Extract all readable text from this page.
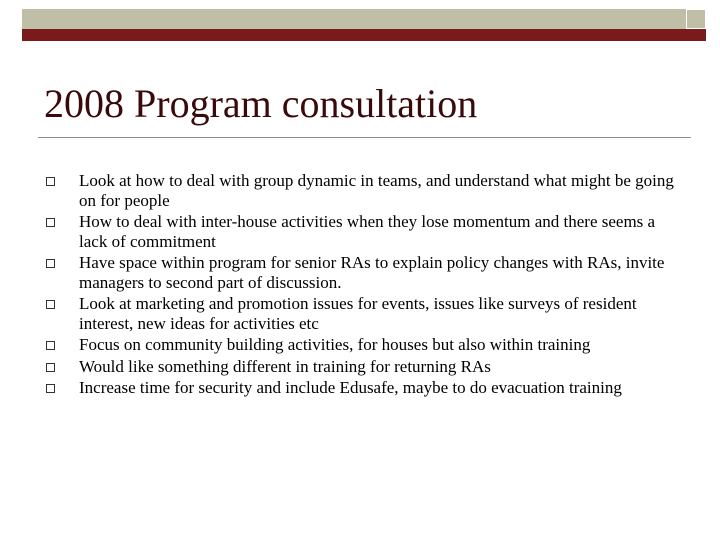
2008 Program consultation
Look at how to deal with group dynamic in teams, and understand what might be going on for people
How to deal with inter-house activities when they lose momentum and there seems a lack of commitment
Have space within program for senior RAs to explain policy changes with RAs, invite managers to second part of discussion.
Look at marketing and promotion issues for events, issues like surveys of resident interest, new ideas for activities etc
Focus on community building activities, for houses but also within training
Would like something different in training for returning RAs
Increase time for security and include Edusafe, maybe to do evacuation training
